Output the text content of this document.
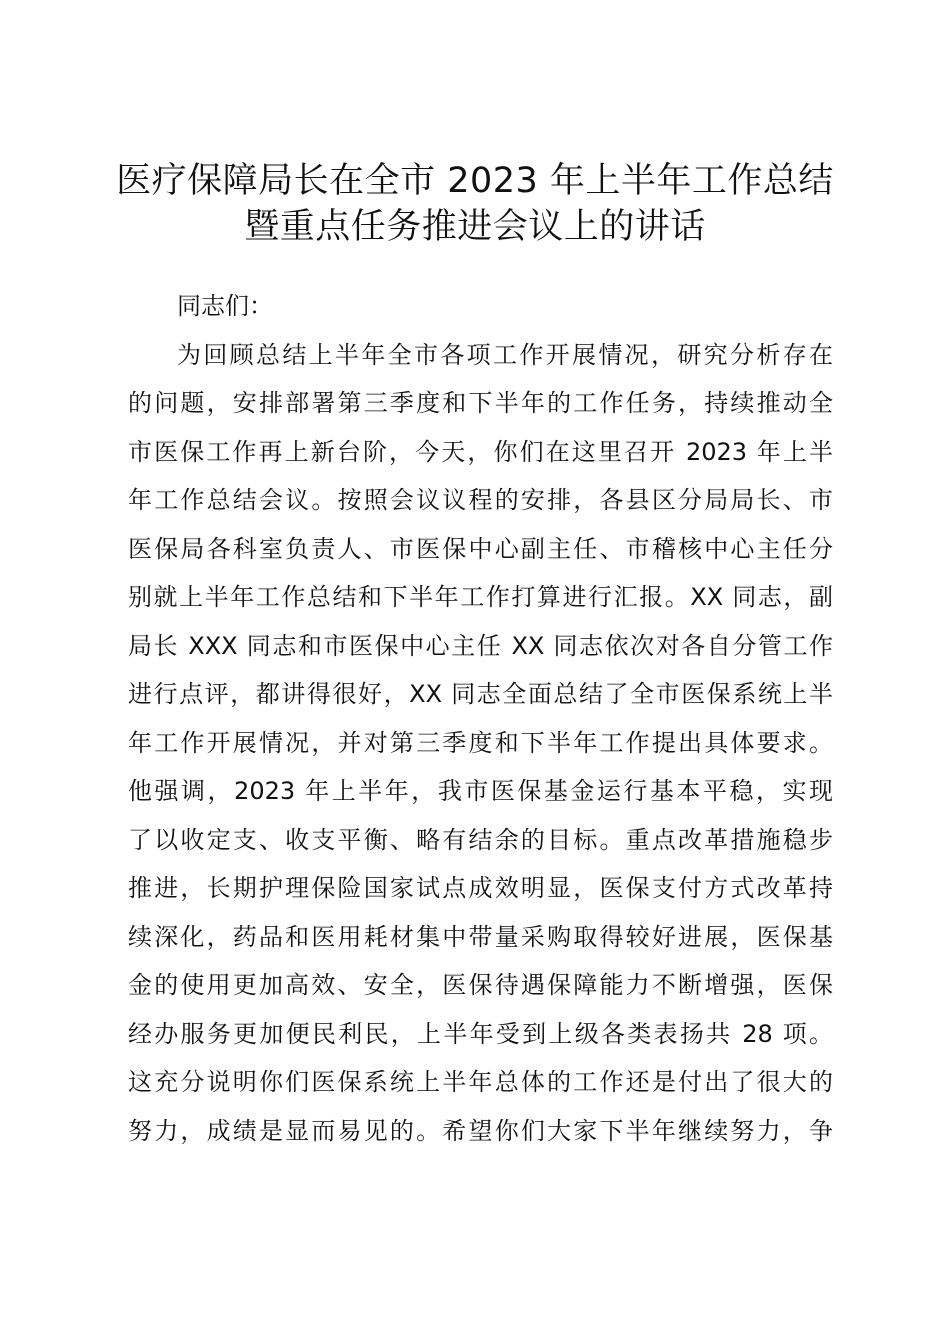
医疗保障局长在全市 2023 年上半年工作总结
暨重点任务推进会议上的讲话
同志们：
为回顾总结上半年全市各项工作开展情况，研究分析存在
的问题，安排部署第三季度和下半年的工作任务，持续推动全
市医保工作再上新台阶，今天，你们在这里召开 2023 年上半
年工作总结会议。按照会议议程的安排，各县区分局局长、市
医保局各科室负责人、市医保中心副主任、市稽核中心主任分
别就上半年工作总结和下半年工作打算进行汇报。XX 同志，副
局长 XXX 同志和市医保中心主任 XX 同志依次对各自分管工作
进行点评，都讲得很好，XX 同志全面总结了全市医保系统上半
年工作开展情况，并对第三季度和下半年工作提出具体要求。
他强调，2023 年上半年，我市医保基金运行基本平稳，实现
了以收定支、收支平衡、略有结余的目标。重点改革措施稳步
推进，长期护理保险国家试点成效明显，医保支付方式改革持
续深化，药品和医用耗材集中带量采购取得较好进展，医保基
金的使用更加高效、安全，医保待遇保障能力不断增强，医保
经办服务更加便民利民，上半年受到上级各类表扬共 28 项。
这充分说明你们医保系统上半年总体的工作还是付出了很大的
努力，成绩是显而易见的。希望你们大家下半年继续努力，争
